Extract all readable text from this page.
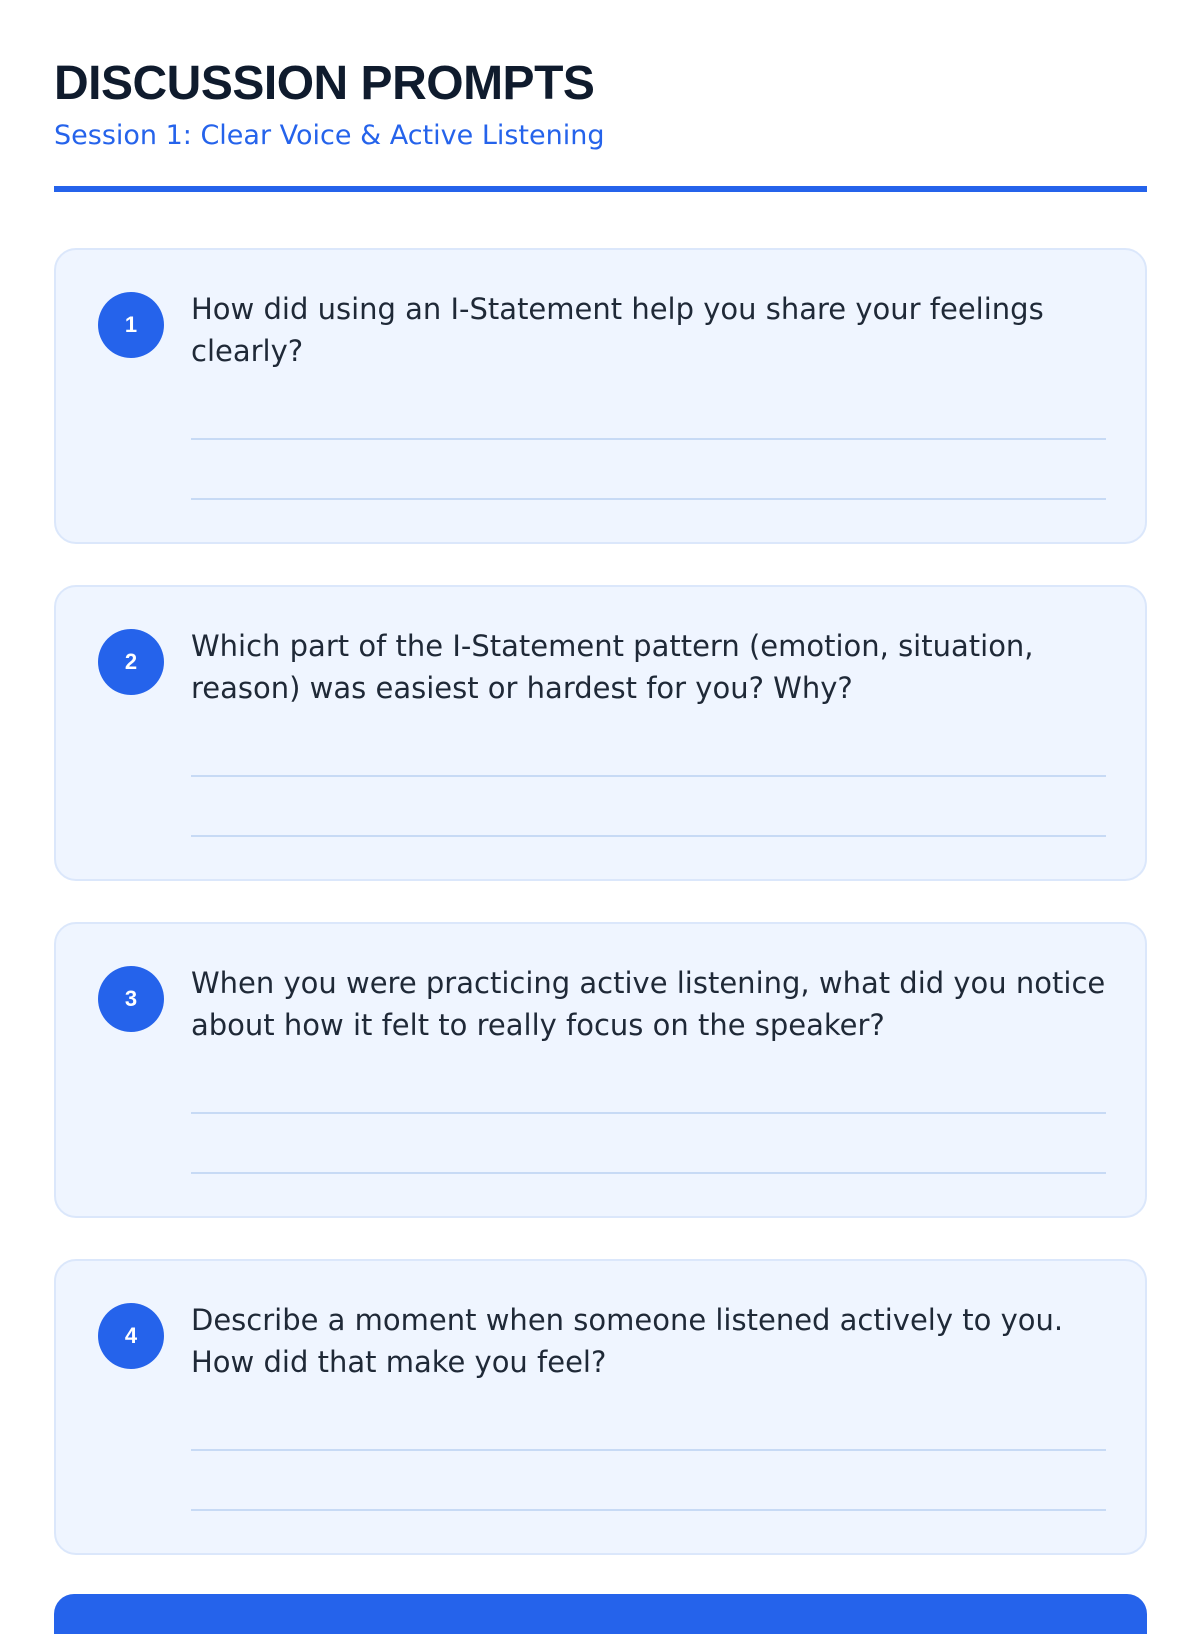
DISCUSSION PROMPTS
Session 1: Clear Voice & Active Listening
1	How did using an I-Statement help you share your feelings clearly?

2	Which part of the I-Statement pattern (emotion, situation, reason) was easiest or hardest for you? Why?

3	When you were practicing active listening, what did you notice about how it felt to really focus on the speaker?

4	Describe a moment when someone listened actively to you. How did that make you feel?
